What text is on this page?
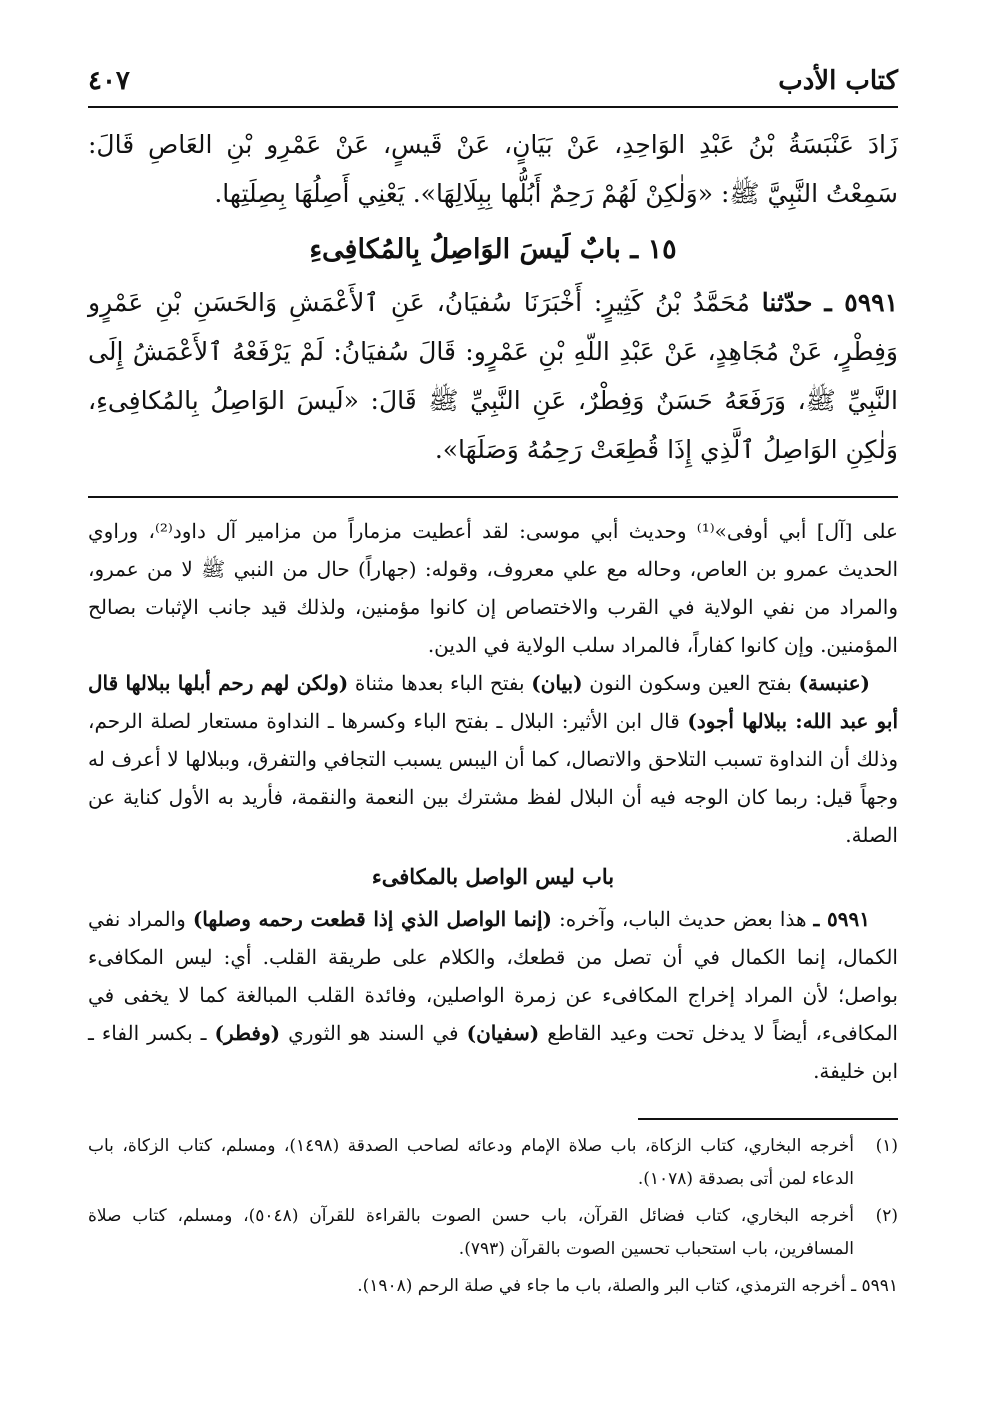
كتاب الأدب
٤٠٧

زَادَ عَنْبَسَةُ بْنُ عَبْدِ الوَاحِدِ، عَنْ بَيَانٍ، عَنْ قَيسٍ، عَنْ عَمْرِو بْنِ العَاصِ قَالَ: سَمِعْتُ النَّبِيَّ ﷺ: «وَلٰكِنْ لَهُمْ رَحِمٌ أَبُلُّها بِبِلَالِهَا». يَعْنِي أَصِلُهَا بِصِلَتِها.

١٥ ـ بابٌ لَيسَ الوَاصِلُ بِالمُكافِىءِ

٥٩٩١ ـ حدّثنا مُحَمَّدُ بْنُ كَثِيرٍ: أَخْبَرَنَا سُفيَانُ، عَنِ ٱلأَعْمَشِ وَالحَسَنِ بْنِ عَمْرٍو وَفِطْرٍ، عَنْ مُجَاهِدٍ، عَنْ عَبْدِ اللّهِ بْنِ عَمْرٍو: قَالَ سُفيَانُ: لَمْ يَرْفَعْهُ ٱلأَعْمَشُ إِلَى النَّبِيِّ ﷺ، وَرَفَعَهُ حَسَنٌ وَفِطْرٌ، عَنِ النَّبِيِّ ﷺ قَالَ: «لَيسَ الوَاصِلُ بِالمُكافِىءِ، وَلٰكِنِ الوَاصِلُ ٱلَّذِي إِذَا قُطِعَتْ رَحِمُهُ وَصَلَهَا».

على [آل] أبي أوفى»⁽¹⁾ وحديث أبي موسى: لقد أعطيت مزماراً من مزامير آل داود⁽²⁾، وراوي الحديث عمرو بن العاص، وحاله مع علي معروف، وقوله: (جهاراً) حال من النبي ﷺ لا من عمرو، والمراد من نفي الولاية في القرب والاختصاص إن كانوا مؤمنين، ولذلك قيد جانب الإثبات بصالح المؤمنين. وإن كانوا كفاراً، فالمراد سلب الولاية في الدين.

(عنبسة) بفتح العين وسكون النون (بيان) بفتح الباء بعدها مثناة (ولكن لهم رحم أبلها ببلالها قال أبو عبد الله: ببلالها أجود) قال ابن الأثير: البلال ـ بفتح الباء وكسرها ـ النداوة مستعار لصلة الرحم، وذلك أن النداوة تسبب التلاحق والاتصال، كما أن اليبس يسبب التجافي والتفرق، وببلالها لا أعرف له وجهاً قيل: ربما كان الوجه فيه أن البلال لفظ مشترك بين النعمة والنقمة، فأريد به الأول كناية عن الصلة.

باب ليس الواصل بالمكافىء

٥٩٩١ ـ هذا بعض حديث الباب، وآخره: (إنما الواصل الذي إذا قطعت رحمه وصلها) والمراد نفي الكمال، إنما الكمال في أن تصل من قطعك، والكلام على طريقة القلب. أي: ليس المكافىء بواصل؛ لأن المراد إخراج المكافىء عن زمرة الواصلين، وفائدة القلب المبالغة كما لا يخفى في المكافىء، أيضاً لا يدخل تحت وعيد القاطع (سفيان) في السند هو الثوري (وفطر) ـ بكسر الفاء ـ ابن خليفة.

(١)
أخرجه البخاري، كتاب الزكاة، باب صلاة الإمام ودعائه لصاحب الصدقة (١٤٩٨)، ومسلم، كتاب الزكاة، باب الدعاء لمن أتى بصدقة (١٠٧٨).
(٢)
أخرجه البخاري، كتاب فضائل القرآن، باب حسن الصوت بالقراءة للقرآن (٥٠٤٨)، ومسلم، كتاب صلاة المسافرين، باب استحباب تحسين الصوت بالقرآن (٧٩٣).

٥٩٩١ ـ أخرجه الترمذي، كتاب البر والصلة، باب ما جاء في صلة الرحم (١٩٠٨).
